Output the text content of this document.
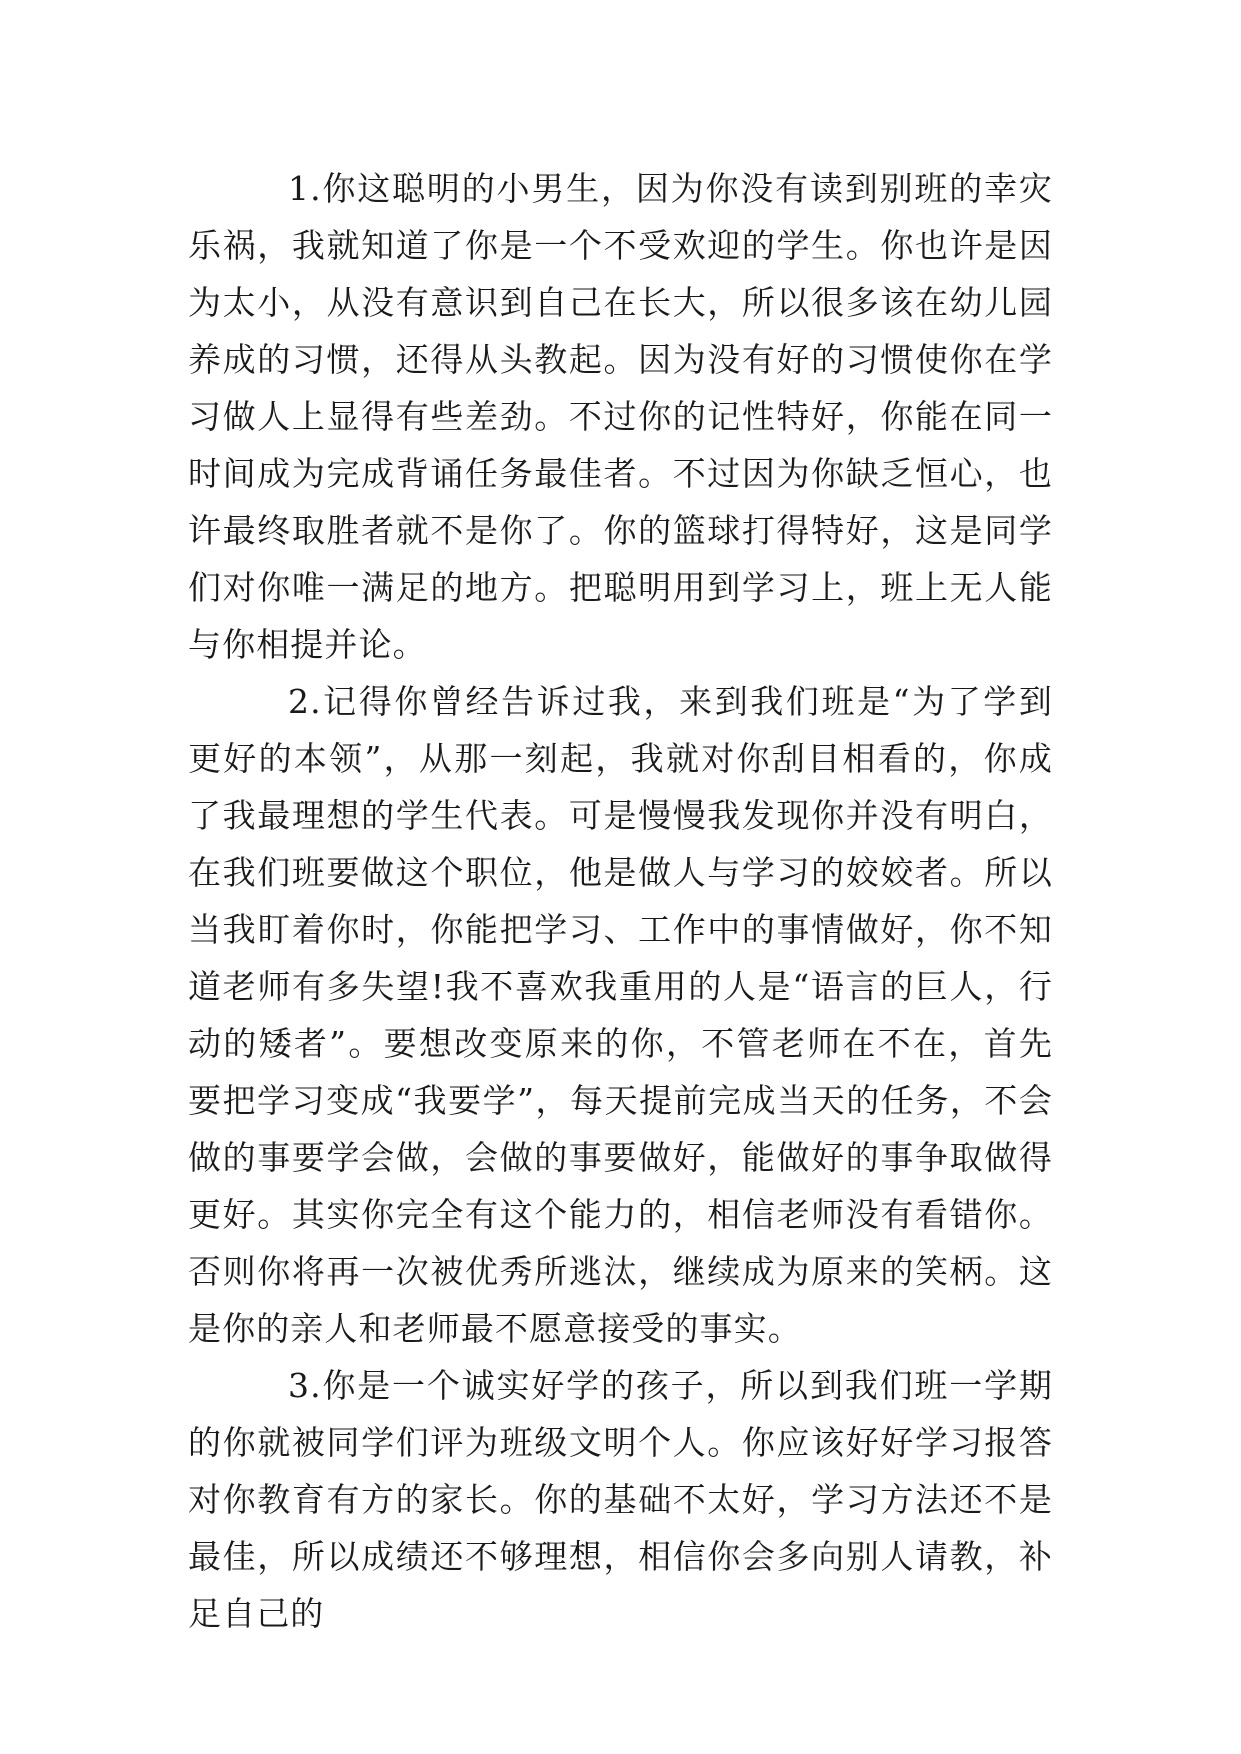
1.你这聪明的小男生，因为你没有读到别班的幸灾乐祸，我就知道了你是一个不受欢迎的学生。你也许是因为太小，从没有意识到自己在长大，所以很多该在幼儿园养成的习惯，还得从头教起。因为没有好的习惯使你在学习做人上显得有些差劲。不过你的记性特好，你能在同一时间成为完成背诵任务最佳者。不过因为你缺乏恒心，也许最终取胜者就不是你了。你的篮球打得特好，这是同学们对你唯一满足的地方。把聪明用到学习上，班上无人能与你相提并论。

2.记得你曾经告诉过我，来到我们班是“为了学到更好的本领”，从那一刻起，我就对你刮目相看的，你成了我最理想的学生代表。可是慢慢我发现你并没有明白，在我们班要做这个职位，他是做人与学习的姣姣者。所以当我盯着你时，你能把学习、工作中的事情做好，你不知道老师有多失望!我不喜欢我重用的人是“语言的巨人，行动的矮者”。要想改变原来的你，不管老师在不在，首先要把学习变成“我要学”，每天提前完成当天的任务，不会做的事要学会做，会做的事要做好，能做好的事争取做得更好。其实你完全有这个能力的，相信老师没有看错你。否则你将再一次被优秀所逃汰，继续成为原来的笑柄。这是你的亲人和老师最不愿意接受的事实。

3.你是一个诚实好学的孩子，所以到我们班一学期的你就被同学们评为班级文明个人。你应该好好学习报答对你教育有方的家长。你的基础不太好，学习方法还不是最佳，所以成绩还不够理想，相信你会多向别人请教，补足自己的
